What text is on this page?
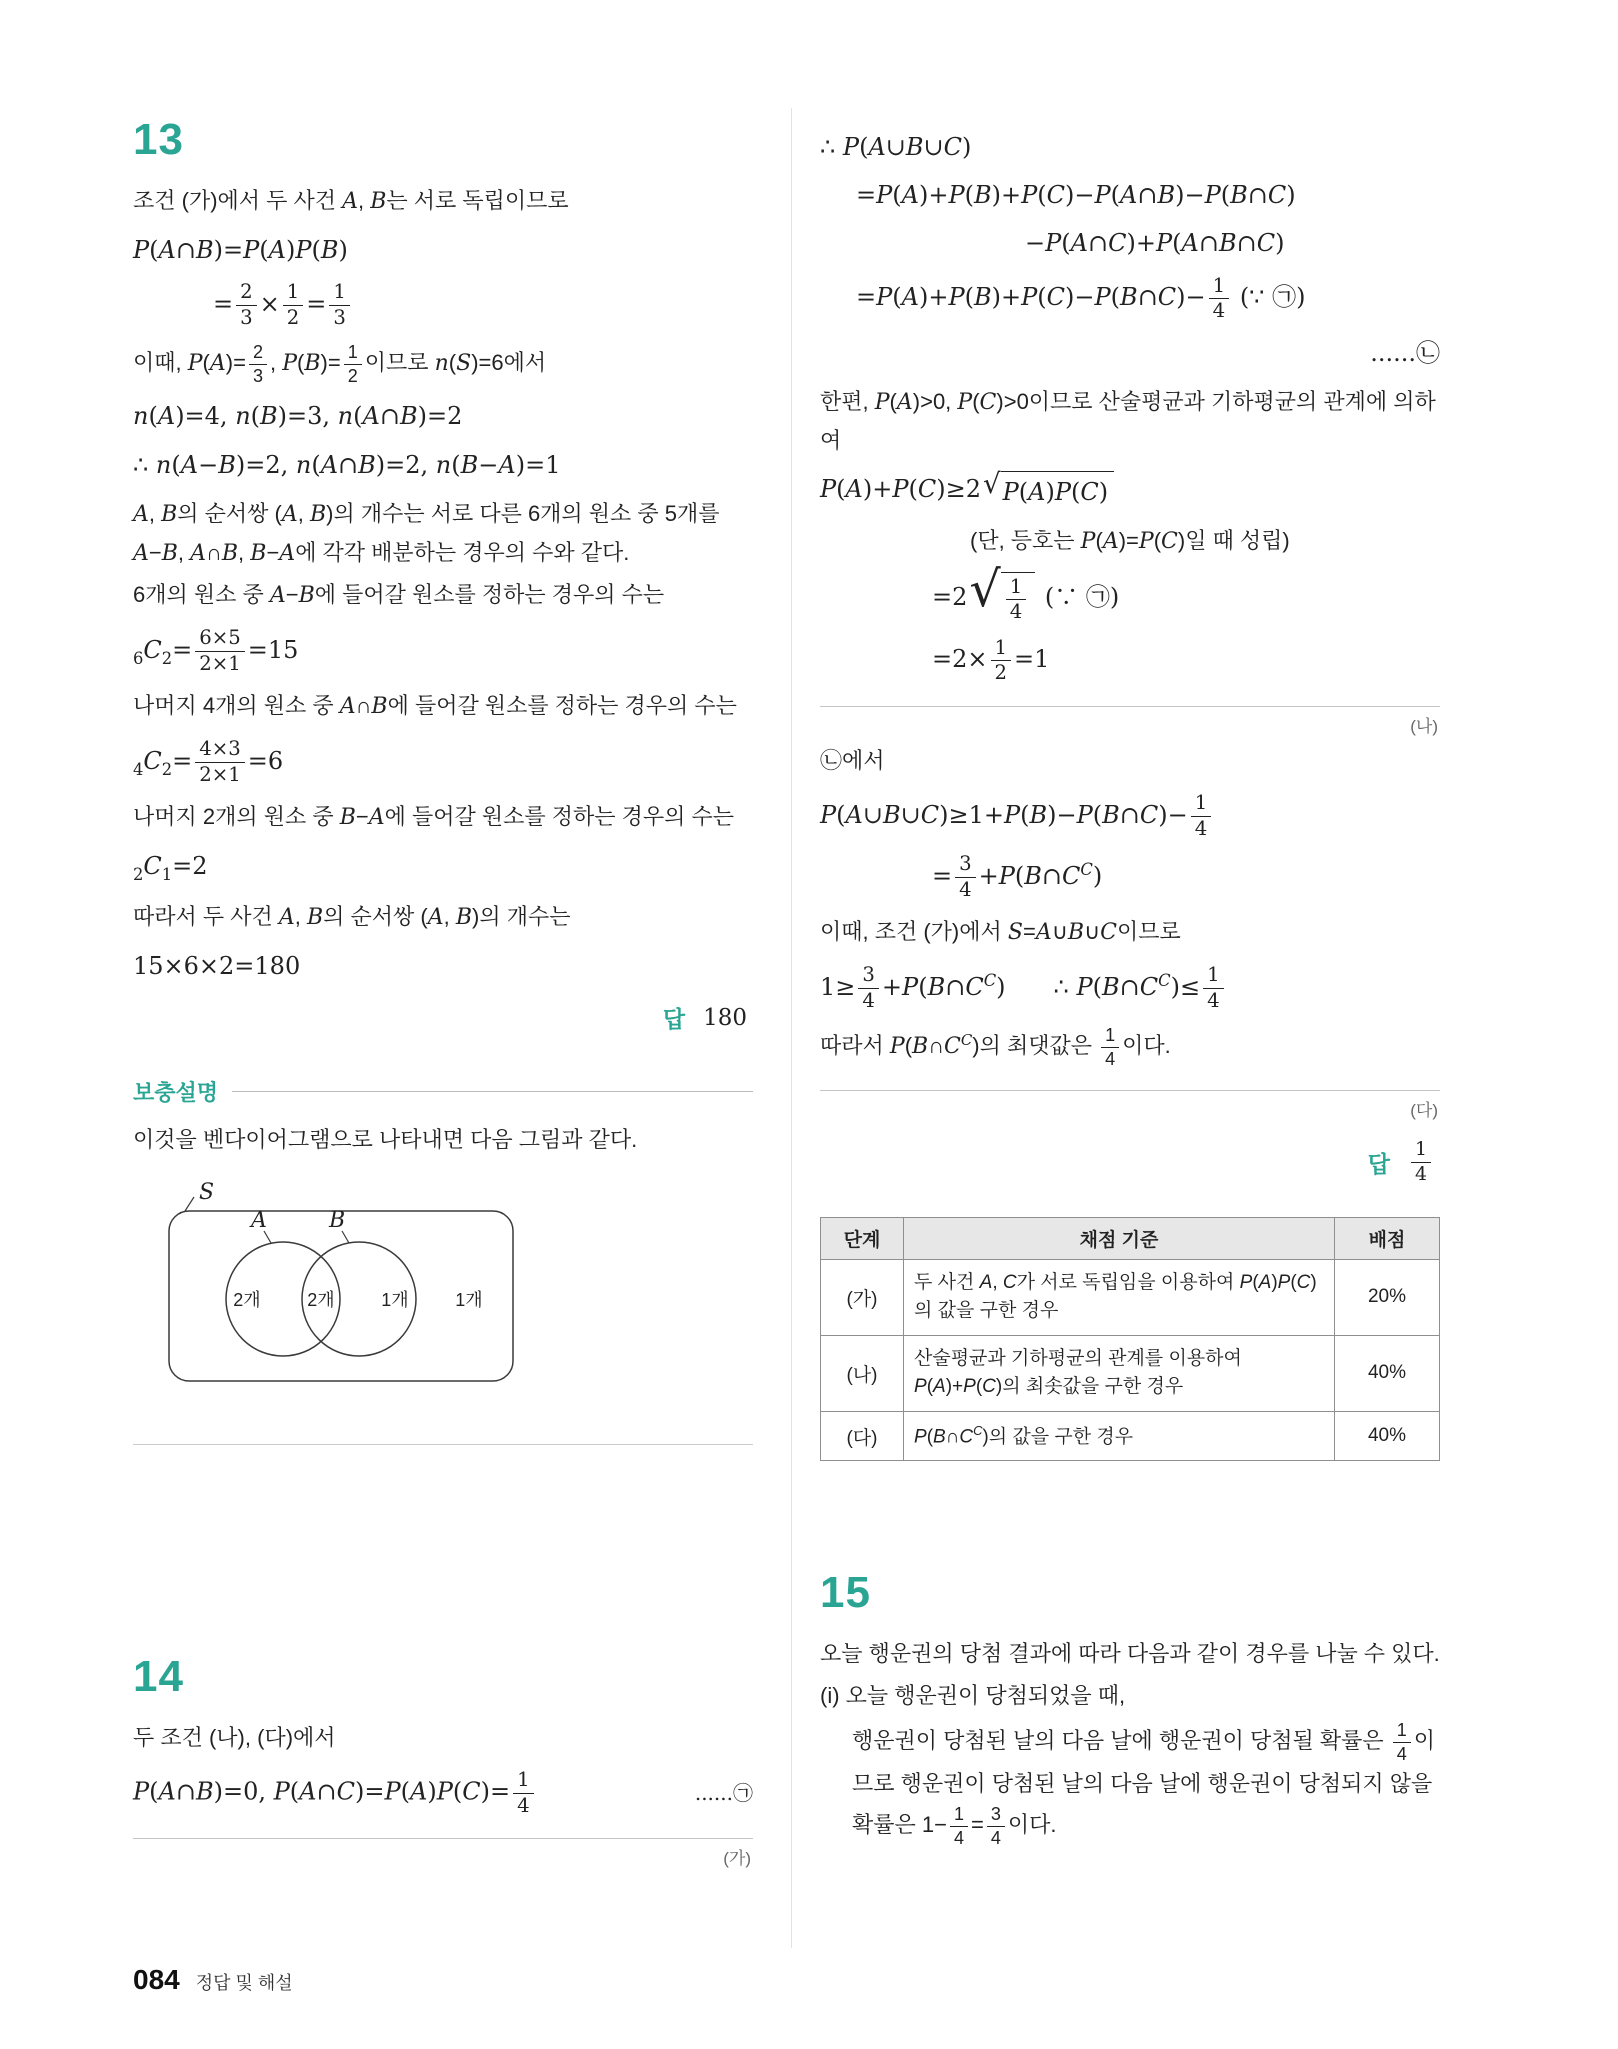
13
조건 (가)에서 두 사건 A, B는 서로 독립이므로
P(A∩B)=P(A)P(B)
= $\frac{2}{3} \times \frac{1}{2} = \frac{1}{3}$
이때, $P(A)= \frac{2}{3}$ , $P(B)= \frac{1}{2}$ 이므로 n(S)=6에서
n(A)=4, n(B)=3, n(A∩B)=2
∴ n(A−B)=2, n(A∩B)=2, n(B−A)=1
A, B의 순서쌍 (A, B)의 개수는 서로 다른 6개의 원소 중 5개를 A−B, A∩B, B−A에 각각 배분하는 경우의 수와 같다.
6개의 원소 중 A−B에 들어갈 원소를 정하는 경우의 수는
$_6C_2= \frac{6\times 5}{2\times 1} =15$
나머지 4개의 원소 중 A∩B에 들어갈 원소를 정하는 경우의 수는
$_4C_2= \frac{4\times 3}{2\times 1} =6$
나머지 2개의 원소 중 B−A에 들어갈 원소를 정하는 경우의 수는
$_2C_1=2$
따라서 두 사건 A, B의 순서쌍 (A, B)의 개수는
15×6×2=180
답 180
보충설명
이것을 벤다이어그램으로 나타내면 다음 그림과 같다.
S
A	B
2개	2개	1개	1개
14
두 조건 (나), (다)에서
P(A∩B)=0, P(A∩C)=P(A)P(C)= $\frac{1}{4}$	......㉠
(가)
∴ P(A∪B∪C)
=P(A)+P(B)+P(C)−P(A∩B)−P(B∩C)
−P(A∩C)+P(A∩B∩C)
=P(A)+P(B)+P(C)−P(B∩C)− $\frac{1}{4}$ (∵ ㉠)
......㉡
한편, P(A)>0, P(C)>0이므로 산술평균과 기하평균의 관계에 의하여
P(A)+P(C)≥2 √ P(A)P(C)
(단, 등호는 P(A)=P(C)일 때 성립)
=2 √ $\frac{1}{4}$ (∵ ㉠)
$=2\times \frac{1}{2} =1$
(나)
㉡에서
P(A∪B∪C)≥1+P(B)−P(B∩C)− $\frac{1}{4}$
= $\frac{3}{4}$ $+P(B\cap C^C)$
이때, 조건 (가)에서 S=A∪B∪C이므로
$1\ge \frac{3}{4}$ $+P(B\cap C^C)$  ∴ $P(B\cap C^C)\le \frac{1}{4}$
따라서 $P(B\cap C^C)$의 최댓값은 $\frac{1}{4}$ 이다.
(다)
답 $\frac{1}{4}$
단계	채점 기준	배점
(가)	두 사건 A, C가 서로 독립임을 이용하여 P(A)P(C)의 값을 구한 경우	20%
(나)	산술평균과 기하평균의 관계를 이용하여 P(A)+P(C)의 최솟값을 구한 경우	40%
(다)	$P(B\cap C^C)$의 값을 구한 경우	40%
15
오늘 행운권의 당첨 결과에 따라 다음과 같이 경우를 나눌 수 있다.
(i) 오늘 행운권이 당첨되었을 때,
행운권이 당첨된 날의 다음 날에 행운권이 당첨될 확률은 $\frac{1}{4}$ 이므로 행운권이 당첨된 날의 다음 날에 행운권이 당첨되지 않을 확률은 $1- \frac{1}{4} = \frac{3}{4}$ 이다.
084 정답 및 해설
